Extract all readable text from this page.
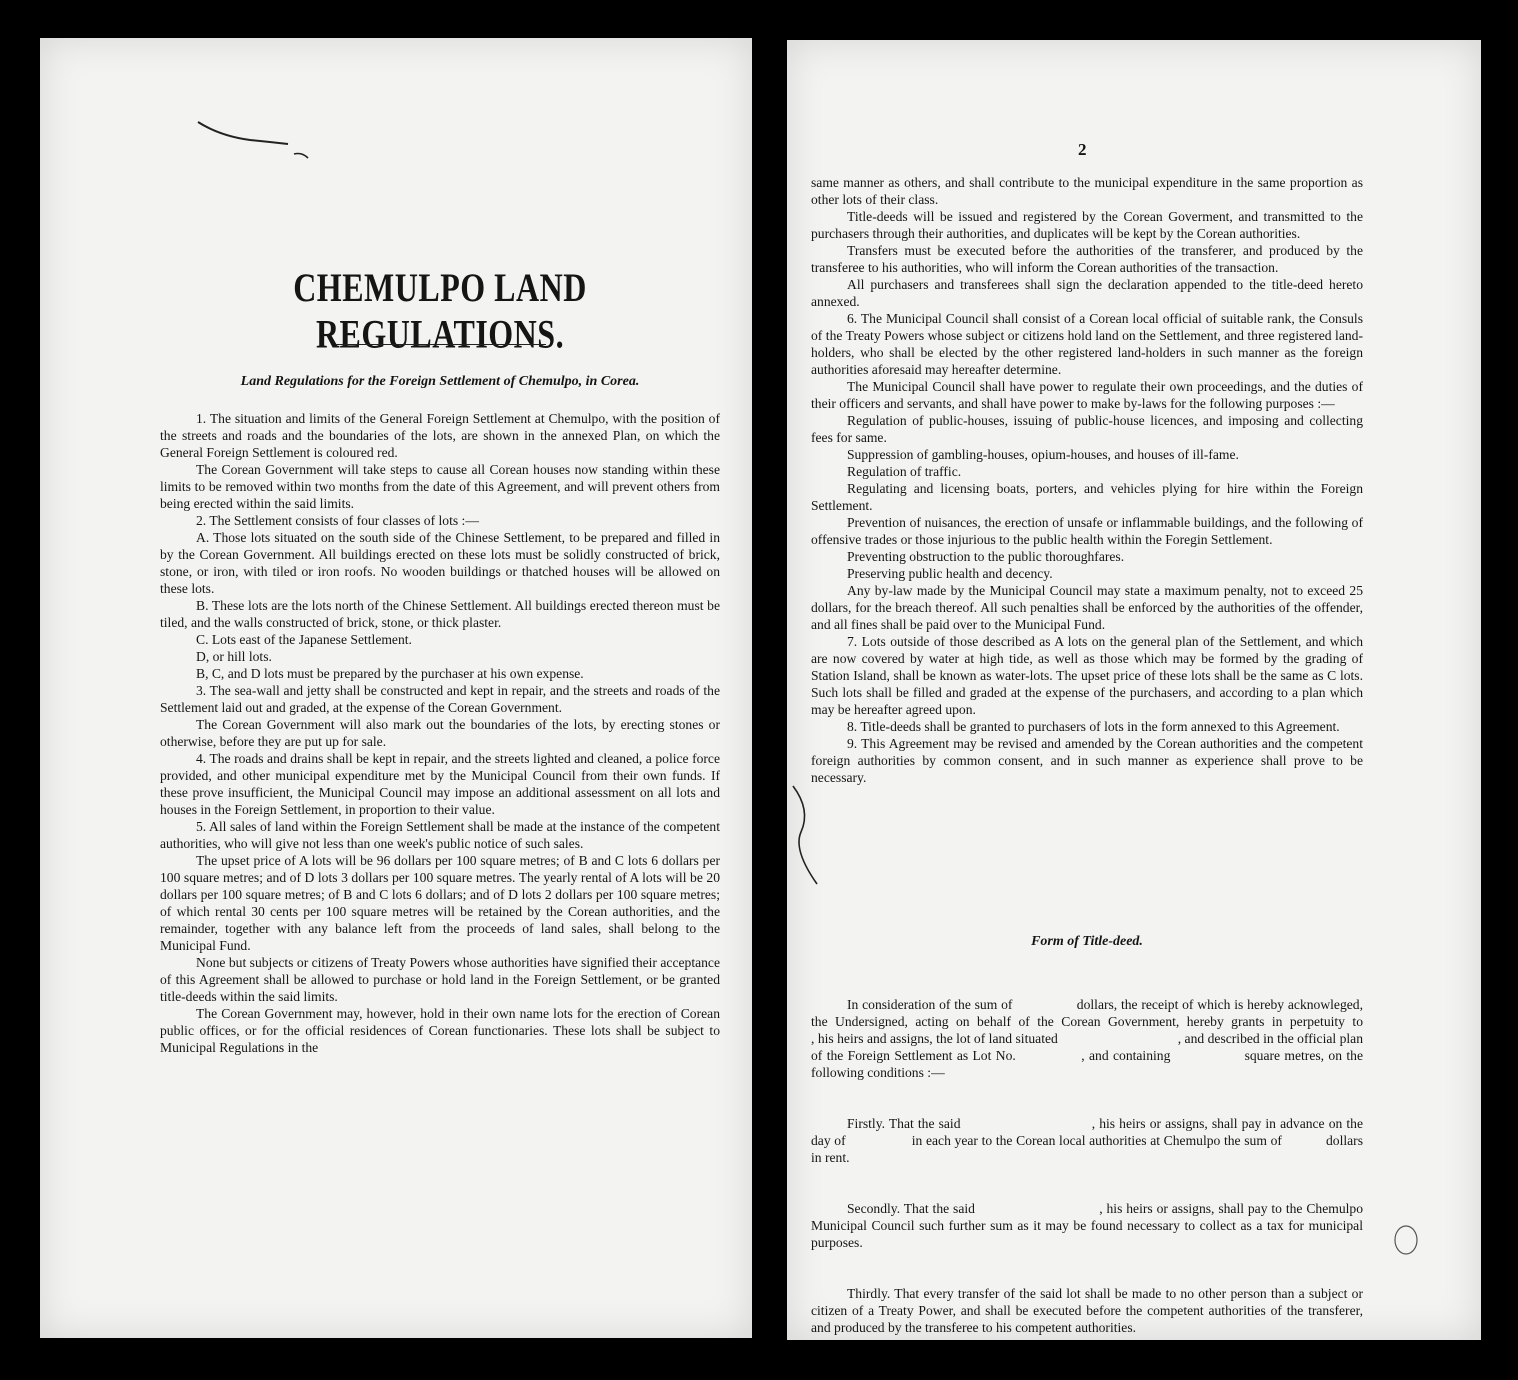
CHEMULPO LAND REGULATIONS.
Land Regulations for the Foreign Settlement of Chemulpo, in Corea.

1. The situation and limits of the General Foreign Settlement at Chemulpo, with the position of the streets and roads and the boundaries of the lots, are shown in the annexed Plan, on which the General Foreign Settlement is coloured red.

The Corean Government will take steps to cause all Corean houses now standing within these limits to be removed within two months from the date of this Agreement, and will prevent others from being erected within the said limits.

2. The Settlement consists of four classes of lots :—

A. Those lots situated on the south side of the Chinese Settlement, to be prepared and filled in by the Corean Government. All buildings erected on these lots must be solidly constructed of brick, stone, or iron, with tiled or iron roofs. No wooden buildings or thatched houses will be allowed on these lots.

B. These lots are the lots north of the Chinese Settlement. All buildings erected thereon must be tiled, and the walls constructed of brick, stone, or thick plaster.

C. Lots east of the Japanese Settlement.

D, or hill lots.

B, C, and D lots must be prepared by the purchaser at his own expense.

3. The sea-wall and jetty shall be constructed and kept in repair, and the streets and roads of the Settlement laid out and graded, at the expense of the Corean Government.

The Corean Government will also mark out the boundaries of the lots, by erecting stones or otherwise, before they are put up for sale.

4. The roads and drains shall be kept in repair, and the streets lighted and cleaned, a police force provided, and other municipal expenditure met by the Municipal Council from their own funds. If these prove insufficient, the Municipal Council may impose an additional assessment on all lots and houses in the Foreign Settlement, in proportion to their value.

5. All sales of land within the Foreign Settlement shall be made at the instance of the competent authorities, who will give not less than one week's public notice of such sales.

The upset price of A lots will be 96 dollars per 100 square metres; of B and C lots 6 dollars per 100 square metres; and of D lots 3 dollars per 100 square metres. The yearly rental of A lots will be 20 dollars per 100 square metres; of B and C lots 6 dollars; and of D lots 2 dollars per 100 square metres; of which rental 30 cents per 100 square metres will be retained by the Corean authorities, and the remainder, together with any balance left from the proceeds of land sales, shall belong to the Municipal Fund.

None but subjects or citizens of Treaty Powers whose authorities have signified their acceptance of this Agreement shall be allowed to purchase or hold land in the Foreign Settlement, or be granted title-deeds within the said limits.

The Corean Government may, however, hold in their own name lots for the erection of Corean public offices, or for the official residences of Corean functionaries. These lots shall be subject to Municipal Regulations in the

2

same manner as others, and shall contribute to the municipal expenditure in the same proportion as other lots of their class.

Title-deeds will be issued and registered by the Corean Goverment, and transmitted to the purchasers through their authorities, and duplicates will be kept by the Corean authorities.

Transfers must be executed before the authorities of the transferer, and produced by the transferee to his authorities, who will inform the Corean authorities of the transaction.

All purchasers and transferees shall sign the declaration appended to the title-deed hereto annexed.

6. The Municipal Council shall consist of a Corean local official of suitable rank, the Consuls of the Treaty Powers whose subject or citizens hold land on the Settlement, and three registered land-holders, who shall be elected by the other registered land-holders in such manner as the foreign authorities aforesaid may hereafter determine.

The Municipal Council shall have power to regulate their own proceedings, and the duties of their officers and servants, and shall have power to make by-laws for the following purposes :—

Regulation of public-houses, issuing of public-house licences, and imposing and collecting fees for same.

Suppression of gambling-houses, opium-houses, and houses of ill-fame.

Regulation of traffic.

Regulating and licensing boats, porters, and vehicles plying for hire within the Foreign Settlement.

Prevention of nuisances, the erection of unsafe or inflammable buildings, and the following of offensive trades or those injurious to the public health within the Foregin Settlement.

Preventing obstruction to the public thoroughfares.

Preserving public health and decency.

Any by-law made by the Municipal Council may state a maximum penalty, not to exceed 25 dollars, for the breach thereof. All such penalties shall be enforced by the authorities of the offender, and all fines shall be paid over to the Municipal Fund.

7. Lots outside of those described as A lots on the general plan of the Settlement, and which are now covered by water at high tide, as well as those which may be formed by the grading of Station Island, shall be known as water-lots. The upset price of these lots shall be the same as C lots. Such lots shall be filled and graded at the expense of the purchasers, and according to a plan which may be hereafter agreed upon.

8. Title-deeds shall be granted to purchasers of lots in the form annexed to this Agreement.

9. This Agreement may be revised and amended by the Corean authorities and the competent foreign authorities by common consent, and in such manner as experience shall prove to be necessary.

Form of Title-deed.

In consideration of the sum of                 dollars, the receipt of which is hereby acknowleged, the Undersigned, acting on behalf of the Corean Government, hereby grants in perpetuity to                                        , his heirs and assigns, the lot of land situated                                   , and described in the official plan of the Foreign Settlement as Lot No.               , and containing                 square metres, on the following conditions :—

Firstly. That the said                                , his heirs or assigns, shall pay in advance on the            day of                  in each year to the Corean local authorities at Chemulpo the sum of            dollars in rent.

Secondly. That the said                                , his heirs or assigns, shall pay to the Chemulpo Municipal Council such further sum as it may be found necessary to collect as a tax for municipal purposes.

Thirdly. That every transfer of the said lot shall be made to no other person than a subject or citizen of a Treaty Power, and shall be executed before the competent authorities of the transferer, and produced by the transferee to his competent authorities.
